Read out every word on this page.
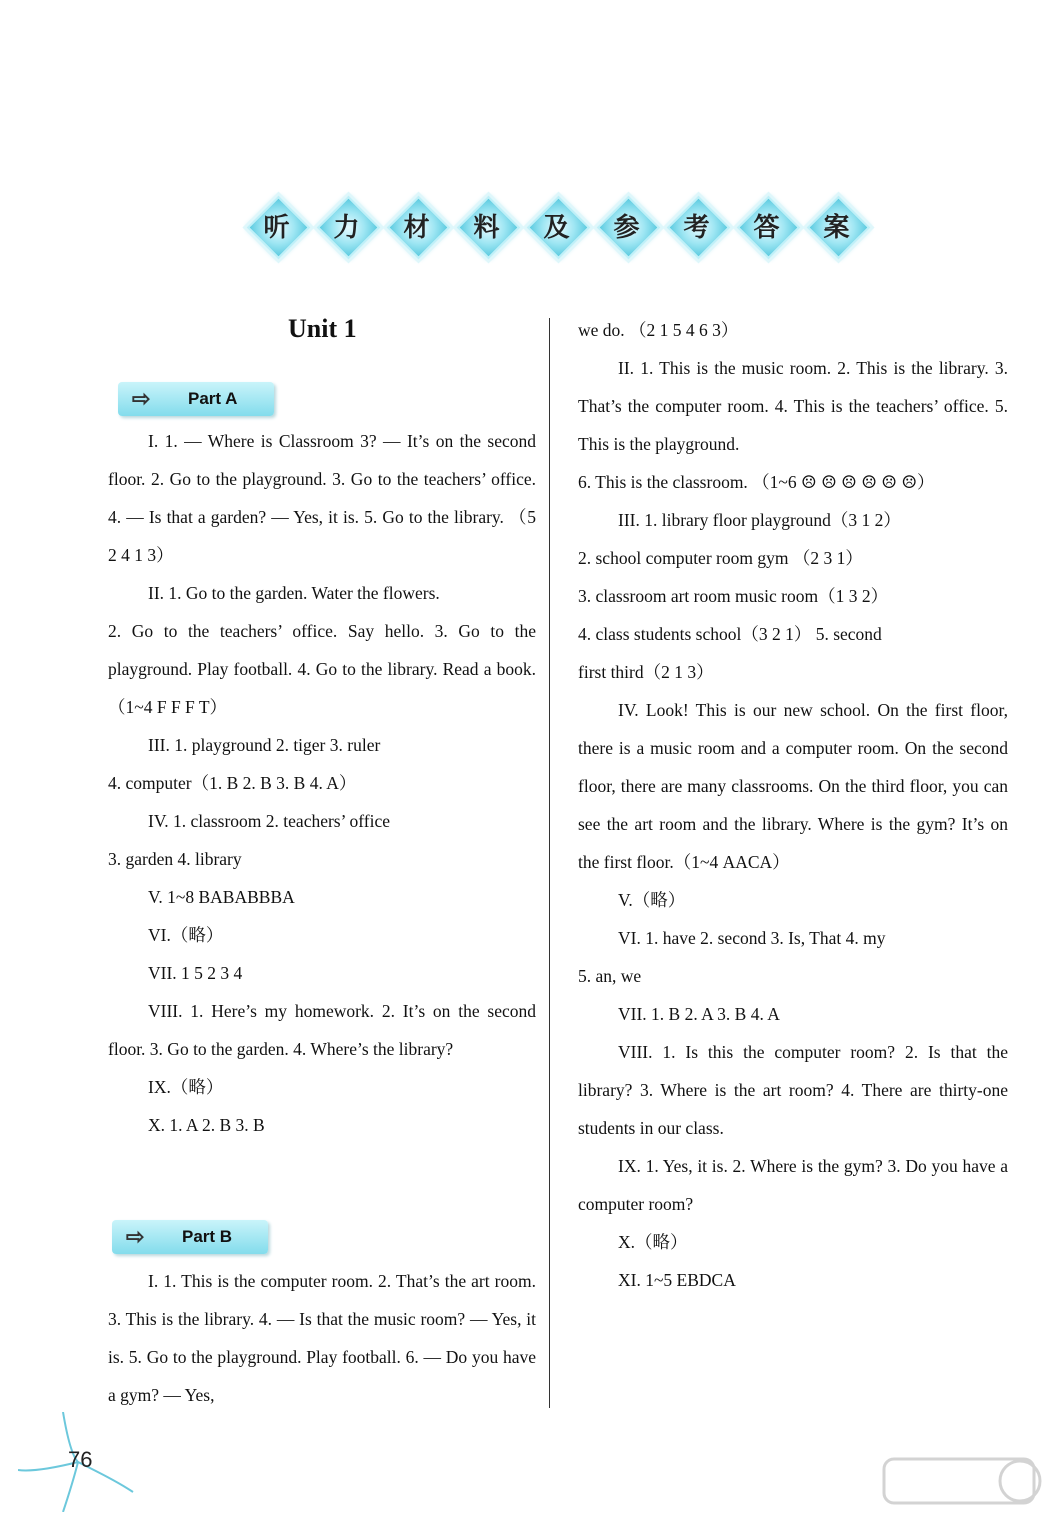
听	力	材	料	及	参	考	答	案
Unit 1
⇨ Part A

I. 1. — Where is Classroom 3? — It’s on the second floor. 2. Go to the playground. 3. Go to the teachers’ office. 4. — Is that a garden? — Yes, it is. 5. Go to the library. （5 2 4 1 3）

II. 1. Go to the garden. Water the flowers.

2. Go to the teachers’ office. Say hello. 3. Go to the playground. Play football. 4. Go to the library. Read a book. （1~4 F F F T）

III. 1. playground 2. tiger 3. ruler

4. computer（1. B 2. B 3. B 4. A）

IV. 1. classroom 2. teachers’ office

3. garden 4. library

V. 1~8 BABABBBA

VI.（略）

VII. 1 5 2 3 4

VIII. 1. Here’s my homework. 2. It’s on the second floor. 3. Go to the garden. 4. Where’s the library?

IX.（略）

X. 1. A 2. B 3. B

⇨ Part B

I. 1. This is the computer room. 2. That’s the art room. 3. This is the library. 4. — Is that the music room? — Yes, it is. 5. Go to the playground. Play football. 6. — Do you have a gym? — Yes,

we do. （2 1 5 4 6 3）

II. 1. This is the music room. 2. This is the library. 3. That’s the computer room. 4. This is the teachers’ office. 5. This is the playground.

6. This is the classroom. （1~6 ☹ ☹ ☹ ☹ ☹ ☹）

III. 1. library floor playground（3 1 2）

2. school computer room gym （2 3 1）

3. classroom art room music room（1 3 2）

4. class students school（3 2 1） 5. second

first third（2 1 3）

IV. Look! This is our new school. On the first floor, there is a music room and a computer room. On the second floor, there are many classrooms. On the third floor, you can see the art room and the library. Where is the gym? It’s on the first floor.（1~4 AACA）

V.（略）

VI. 1. have 2. second 3. Is, That 4. my

5. an, we

VII. 1. B 2. A 3. B 4. A

VIII. 1. Is this the computer room? 2. Is that the library? 3. Where is the art room? 4. There are thirty-one students in our class.

IX. 1. Yes, it is. 2. Where is the gym? 3. Do you have a computer room?

X.（略）

XI. 1~5 EBDCA

76
